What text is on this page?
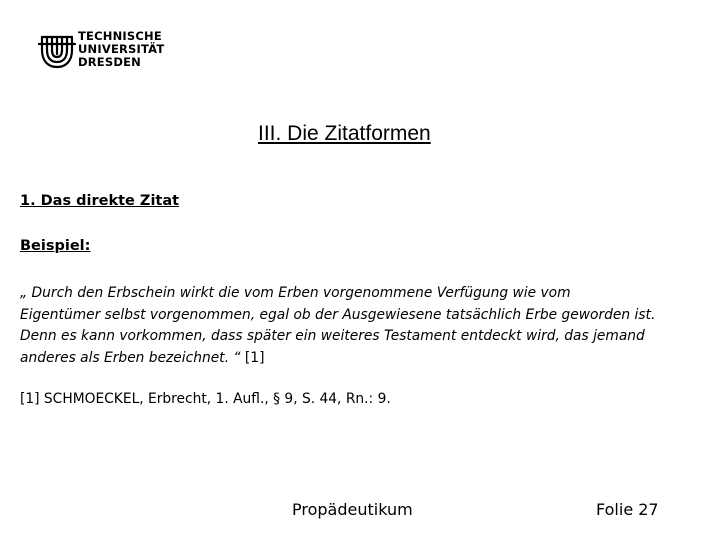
TECHNISCHE
UNIVERSITÄT
DRESDEN
III. Die Zitatformen
1. Das direkte Zitat
Beispiel:
„ Durch den Erbschein wirkt die vom Erben vorgenommene Verfügung wie vom
Eigentümer selbst vorgenommen, egal ob der Ausgewiesene tatsächlich Erbe geworden ist.
Denn es kann vorkommen, dass später ein weiteres Testament entdeckt wird, das jemand
anderes als Erben bezeichnet. “ [1]
[1] SCHMOECKEL, Erbrecht, 1. Aufl., § 9, S. 44, Rn.: 9.
Propädeutikum	Folie 27
